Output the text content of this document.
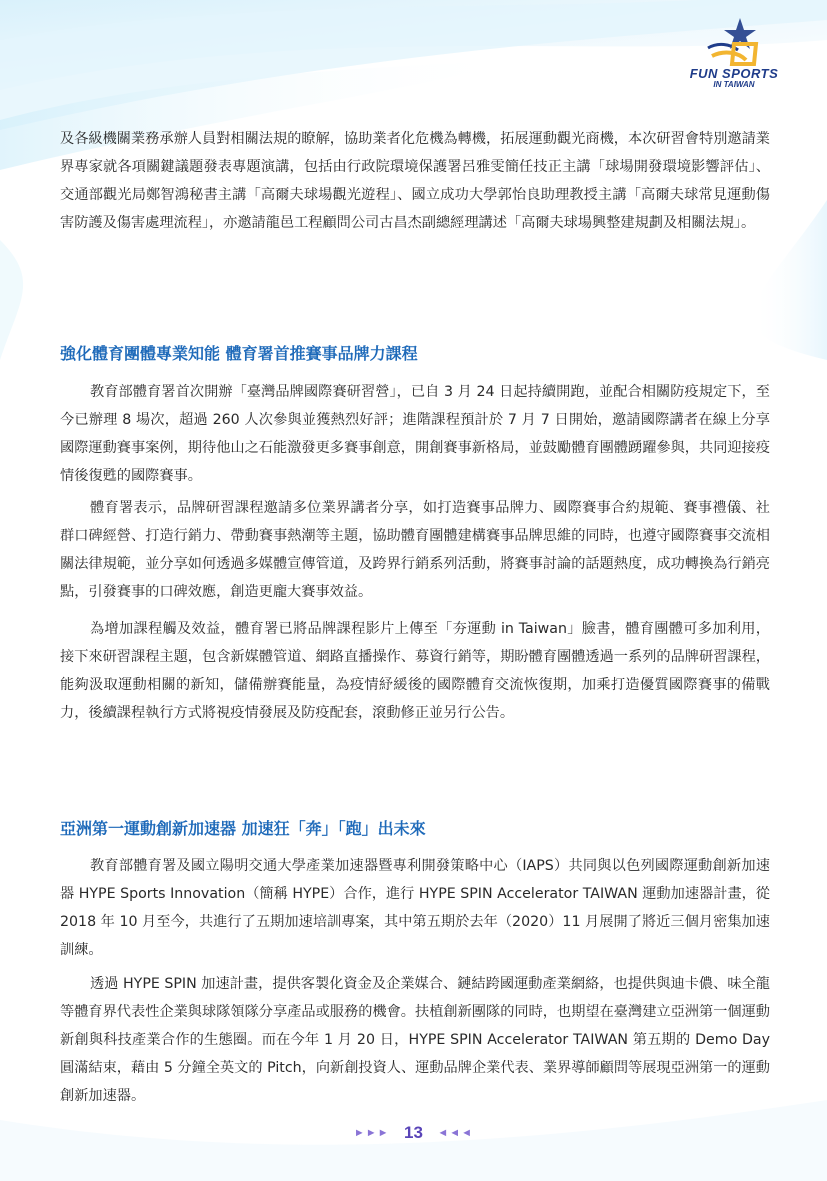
FUN SPORTS
IN TAIWAN

及各級機關業務承辦人員對相關法規的瞭解，協助業者化危機為轉機，拓展運動觀光商機，本次研習會特別邀請業界專家就各項關鍵議題發表專題演講，包括由行政院環境保護署呂雅雯簡任技正主講「球場開發環境影響評估」、交通部觀光局鄭智鴻秘書主講「高爾夫球場觀光遊程」、國立成功大學郭怡良助理教授主講「高爾夫球常見運動傷害防護及傷害處理流程」，亦邀請龍邑工程顧問公司古昌杰副總經理講述「高爾夫球場興整建規劃及相關法規」。

強化體育團體專業知能 體育署首推賽事品牌力課程

教育部體育署首次開辦「臺灣品牌國際賽研習營」，已自 3 月 24 日起持續開跑，並配合相關防疫規定下，至今已辦理 8 場次，超過 260 人次參與並獲熱烈好評；進階課程預計於 7 月 7 日開始，邀請國際講者在線上分享國際運動賽事案例，期待他山之石能激發更多賽事創意，開創賽事新格局，並鼓勵體育團體踴躍參與，共同迎接疫情後復甦的國際賽事。

體育署表示，品牌研習課程邀請多位業界講者分享，如打造賽事品牌力、國際賽事合約規範、賽事禮儀、社群口碑經營、打造行銷力、帶動賽事熱潮等主題，協助體育團體建構賽事品牌思維的同時，也遵守國際賽事交流相關法律規範，並分享如何透過多媒體宣傳管道，及跨界行銷系列活動，將賽事討論的話題熱度，成功轉換為行銷亮點，引發賽事的口碑效應，創造更龐大賽事效益。

為增加課程觸及效益，體育署已將品牌課程影片上傳至「夯運動 in Taiwan」臉書，體育團體可多加利用，接下來研習課程主題，包含新媒體管道、網路直播操作、募資行銷等，期盼體育團體透過一系列的品牌研習課程，能夠汲取運動相關的新知，儲備辦賽能量，為疫情紓緩後的國際體育交流恢復期，加乘打造優質國際賽事的備戰力，後續課程執行方式將視疫情發展及防疫配套，滾動修正並另行公告。

亞洲第一運動創新加速器 加速狂「奔」「跑」出未來

教育部體育署及國立陽明交通大學產業加速器暨專利開發策略中心（IAPS）共同與以色列國際運動創新加速器 HYPE Sports Innovation（簡稱 HYPE）合作，進行 HYPE SPIN Accelerator TAIWAN 運動加速器計畫，從 2018 年 10 月至今，共進行了五期加速培訓專案，其中第五期於去年（2020）11 月展開了將近三個月密集加速訓練。

透過 HYPE SPIN 加速計畫，提供客製化資金及企業媒合、鏈結跨國運動產業網絡，也提供與迪卡儂、味全龍等體育界代表性企業與球隊領隊分享產品或服務的機會。扶植創新團隊的同時，也期望在臺灣建立亞洲第一個運動新創與科技產業合作的生態圈。而在今年 1 月 20 日，HYPE SPIN Accelerator TAIWAN 第五期的 Demo Day 圓滿結束，藉由 5 分鐘全英文的 Pitch，向新創投資人、運動品牌企業代表、業界導師顧問等展現亞洲第一的運動創新加速器。

►►► 13 ◄◄◄
